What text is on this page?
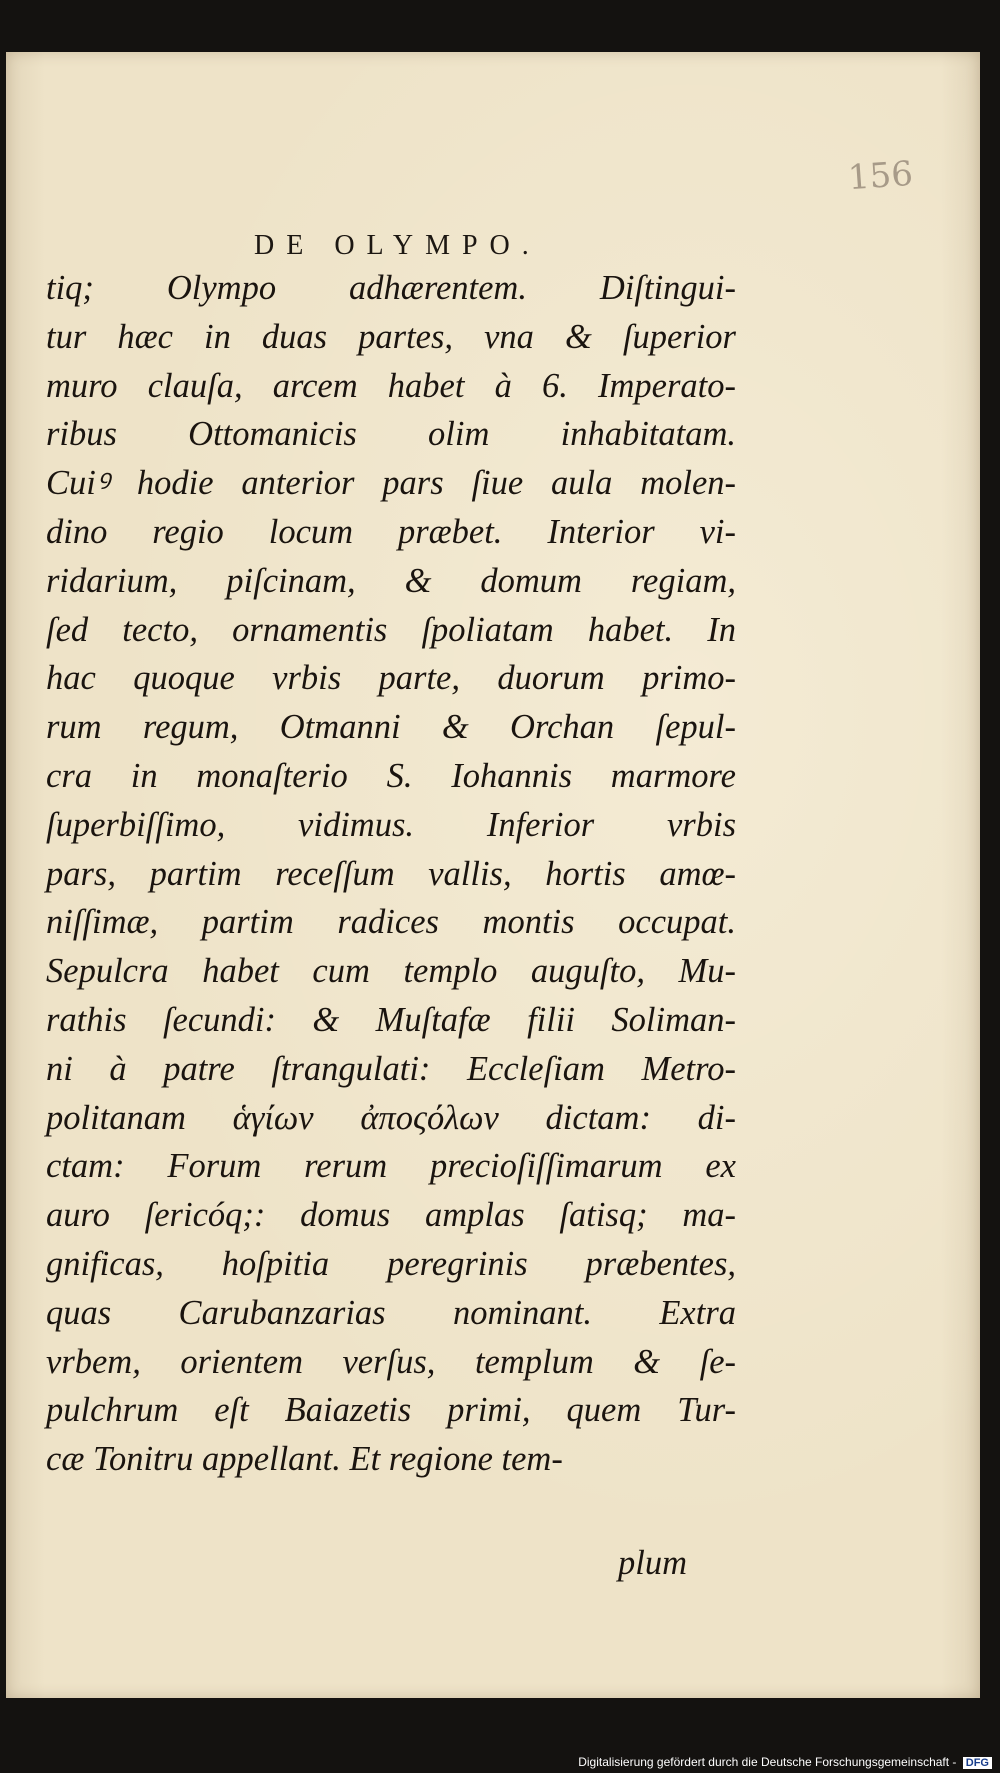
156
DE OLYMPO.
tiq; Olympo adhærentem. Diſtingui-
tur hæc in duas partes, vna & ſuperior
muro clauſa, arcem habet à 6. Imperato-
ribus Ottomanicis olim inhabitatam.
Cuiꝰ hodie anterior pars ſiue aula molen-
dino regio locum præbet. Interior vi-
ridarium, piſcinam, & domum regiam,
ſed tecto, ornamentis ſpoliatam habet. In
hac quoque vrbis parte, duorum primo-
rum regum, Otmanni & Orchan ſepul-
cra in monaſterio S. Iohannis marmore
ſuperbiſſimo, vidimus. Inferior vrbis
pars, partim receſſum vallis, hortis amœ-
niſſimæ, partim radices montis occupat.
Sepulcra habet cum templo auguſto, Mu-
rathis ſecundi: & Muſtafæ filii Soliman-
ni à patre ſtrangulati: Eccleſiam Metro-
politanam ἁγίων ἀποςόλων dictam: di-
ctam: Forum rerum precioſiſſimarum ex
auro ſericóq;: domus amplas ſatisq; ma-
gnificas, hoſpitia peregrinis præbentes,
quas Carubanzarias nominant. Extra
vrbem, orientem verſus, templum & ſe-
pulchrum eſt Baiazetis primi, quem Tur-
cæ Tonitru appellant. Et regione tem-
plum
Digitalisierung gefördert durch die Deutsche Forschungsgemeinschaft - DFG
